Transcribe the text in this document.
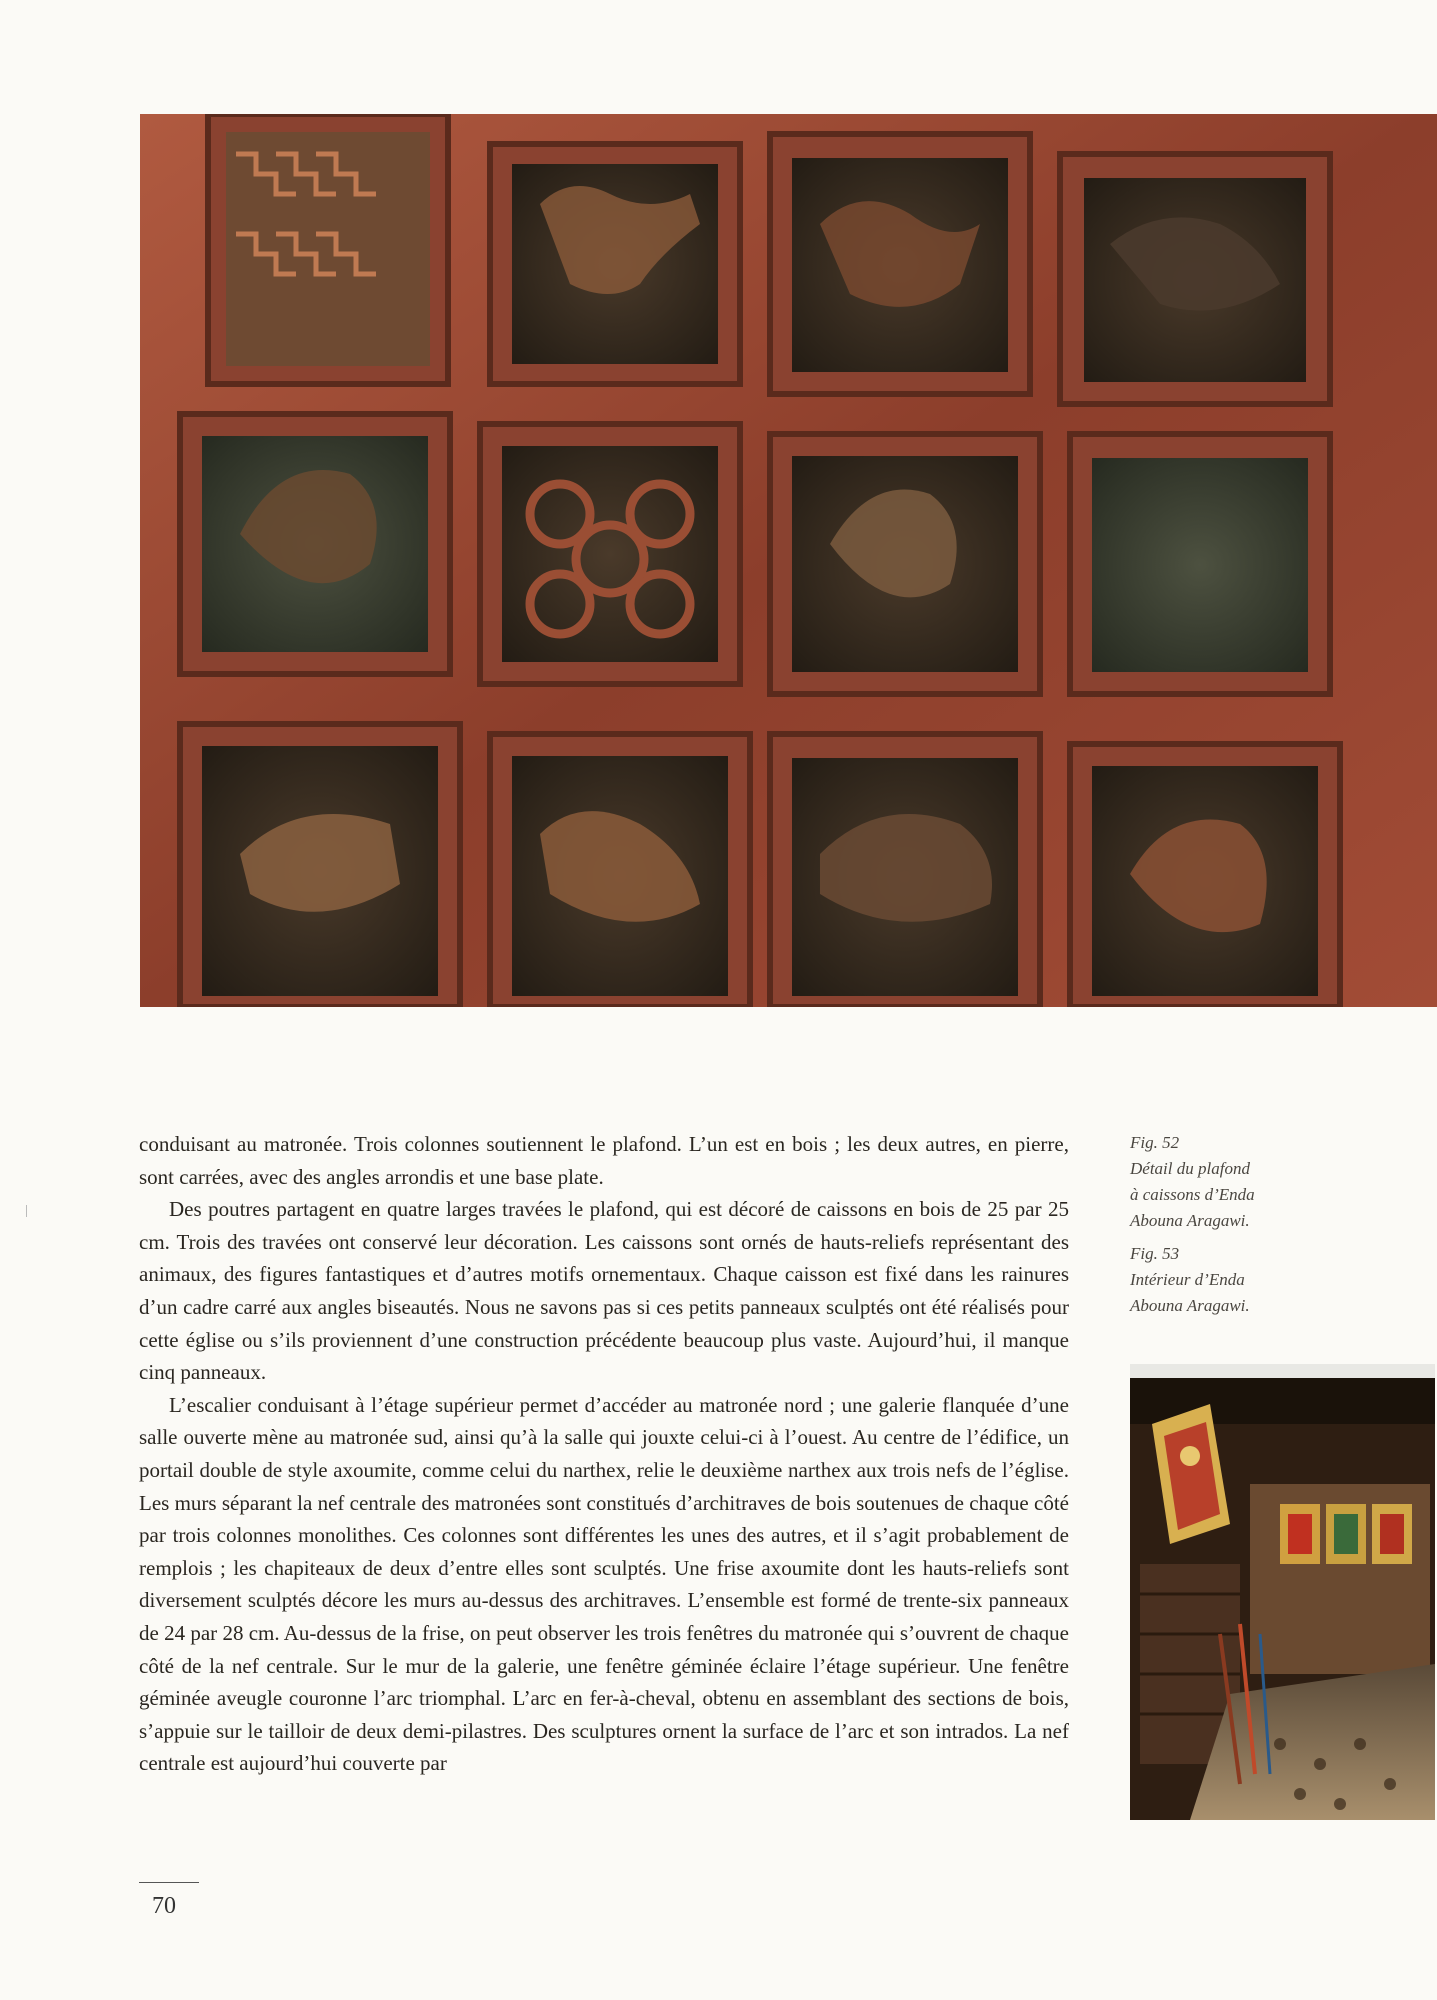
conduisant au matronée. Trois colonnes soutiennent le plafond. L’un est en bois ; les deux autres, en pierre, sont carrées, avec des angles arrondis et une base plate.

Des poutres partagent en quatre larges travées le plafond, qui est décoré de caissons en bois de 25 par 25 cm. Trois des travées ont conservé leur décoration. Les caissons sont ornés de hauts-reliefs représentant des animaux, des figures fantastiques et d’autres motifs ornementaux. Chaque caisson est fixé dans les rainures d’un cadre carré aux angles biseautés. Nous ne savons pas si ces petits panneaux sculptés ont été réalisés pour cette église ou s’ils proviennent d’une construction précédente beaucoup plus vaste. Aujourd’hui, il manque cinq panneaux.

L’escalier conduisant à l’étage supérieur permet d’accéder au matronée nord ; une galerie flanquée d’une salle ouverte mène au matronée sud, ainsi qu’à la salle qui jouxte celui-ci à l’ouest. Au centre de l’édifice, un portail double de style axoumite, comme celui du narthex, relie le deuxième narthex aux trois nefs de l’église. Les murs séparant la nef centrale des matronées sont constitués d’architraves de bois soutenues de chaque côté par trois colonnes monolithes. Ces colonnes sont différentes les unes des autres, et il s’agit probablement de remplois ; les chapiteaux de deux d’entre elles sont sculptés. Une frise axoumite dont les hauts-reliefs sont diversement sculptés décore les murs au-dessus des architraves. L’ensemble est formé de trente-six panneaux de 24 par 28 cm. Au-dessus de la frise, on peut observer les trois fenêtres du matronée qui s’ouvrent de chaque côté de la nef centrale. Sur le mur de la galerie, une fenêtre géminée éclaire l’étage supérieur. Une fenêtre géminée aveugle couronne l’arc triomphal. L’arc en fer-à-cheval, obtenu en assemblant des sections de bois, s’appuie sur le tailloir de deux demi-pilastres. Des sculptures ornent la surface de l’arc et son intrados. La nef centrale est aujourd’hui couverte par

Fig. 52
Détail du plafond
à caissons d’Enda
Abouna Aragawi.
Fig. 53
Intérieur d’Enda
Abouna Aragawi.
70
